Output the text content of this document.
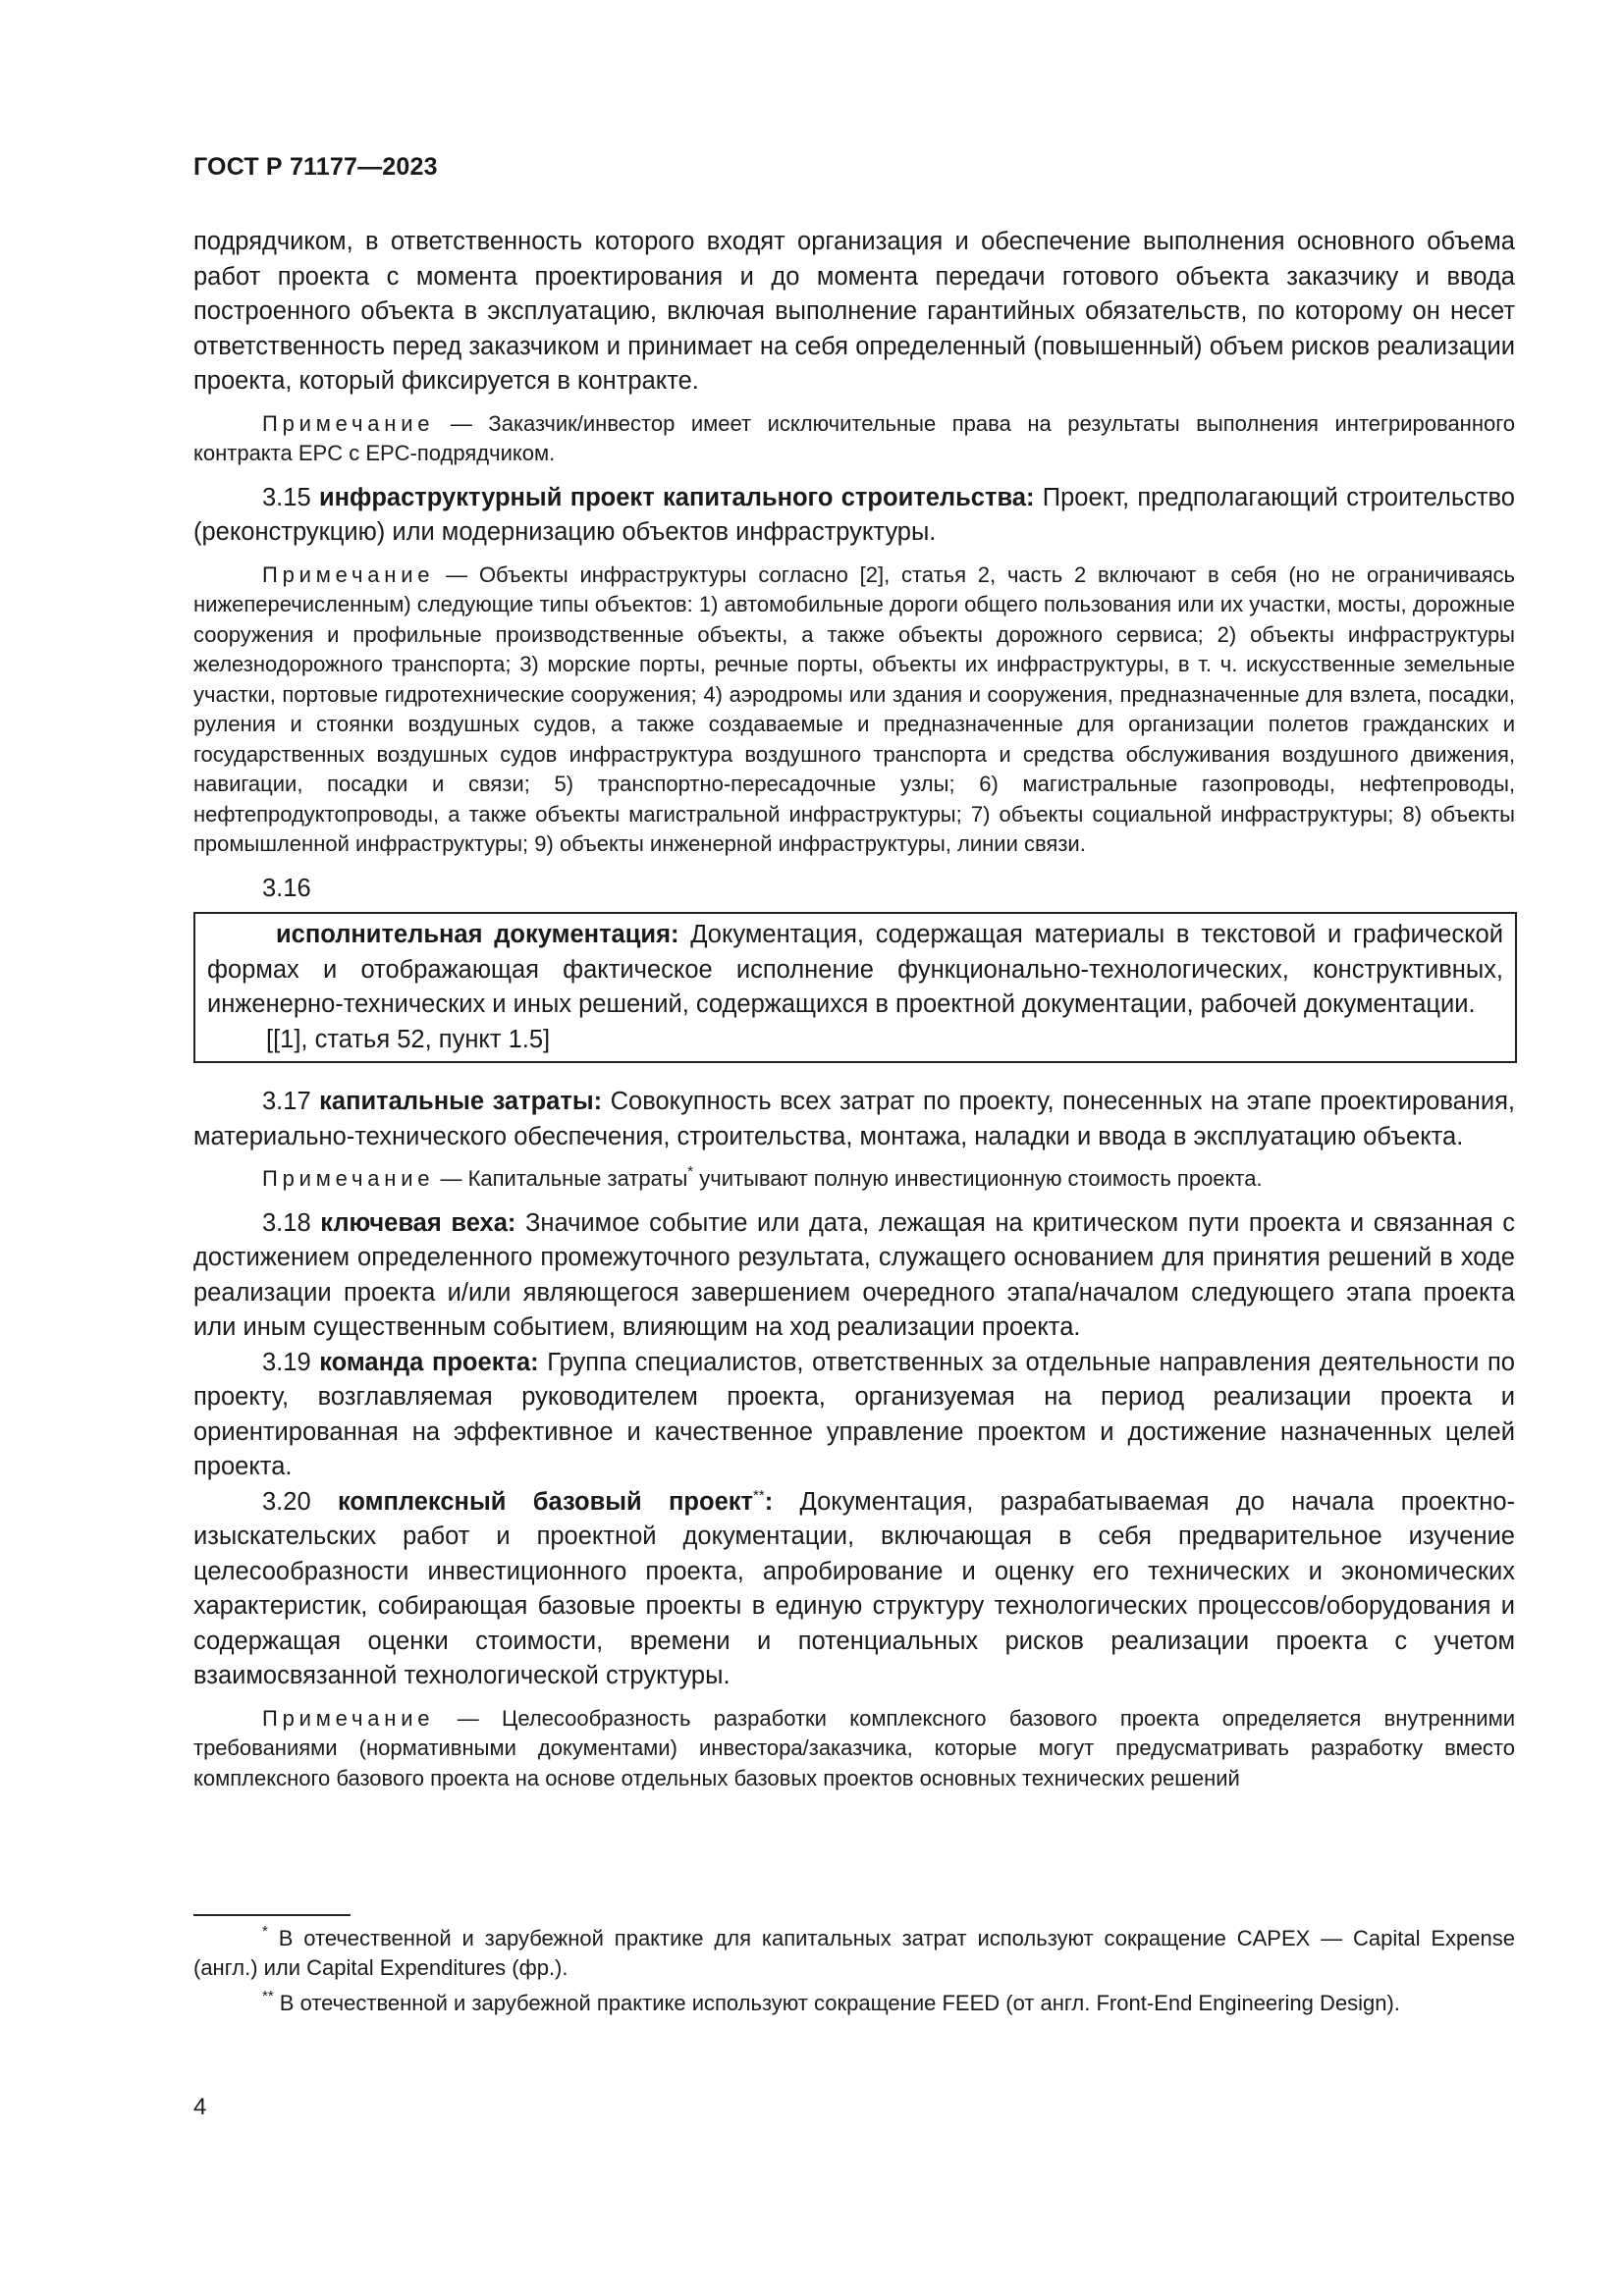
ГОСТ Р 71177—2023

подрядчиком, в ответственность которого входят организация и обеспечение выполнения основного объема работ проекта с момента проектирования и до момента передачи готового объекта заказчику и ввода построенного объекта в эксплуатацию, включая выполнение гарантийных обязательств, по которому он несет ответственность перед заказчиком и принимает на себя определенный (повышенный) объем рисков реализации проекта, который фиксируется в контракте.

Примечание — Заказчик/инвестор имеет исключительные права на результаты выполнения интегрированного контракта EPC с EPC-подрядчиком.

3.15 инфраструктурный проект капитального строительства: Проект, предполагающий строительство (реконструкцию) или модернизацию объектов инфраструктуры.

Примечание — Объекты инфраструктуры согласно [2], статья 2, часть 2 включают в себя (но не ограничиваясь нижеперечисленным) следующие типы объектов: 1) автомобильные дороги общего пользования или их участки, мосты, дорожные сооружения и профильные производственные объекты, а также объекты дорожного сервиса; 2) объекты инфраструктуры железнодорожного транспорта; 3) морские порты, речные порты, объекты их инфраструктуры, в т. ч. искусственные земельные участки, портовые гидротехнические сооружения; 4) аэродромы или здания и сооружения, предназначенные для взлета, посадки, руления и стоянки воздушных судов, а также создаваемые и предназначенные для организации полетов гражданских и государственных воздушных судов инфраструктура воздушного транспорта и средства обслуживания воздушного движения, навигации, посадки и связи; 5) транспортно-пересадочные узлы; 6) магистральные газопроводы, нефтепроводы, нефтепродуктопроводы, а также объекты магистральной инфраструктуры; 7) объекты социальной инфраструктуры; 8) объекты промышленной инфраструктуры; 9) объекты инженерной инфраструктуры, линии связи.

3.16

исполнительная документация: Документация, содержащая материалы в текстовой и графической формах и отображающая фактическое исполнение функционально-технологических, конструктивных, инженерно-технических и иных решений, содержащихся в проектной документации, рабочей документации.

[[1], статья 52, пункт 1.5]

3.17 капитальные затраты: Совокупность всех затрат по проекту, понесенных на этапе проектирования, материально-технического обеспечения, строительства, монтажа, наладки и ввода в эксплуатацию объекта.

Примечание — Капитальные затраты* учитывают полную инвестиционную стоимость проекта.

3.18 ключевая веха: Значимое событие или дата, лежащая на критическом пути проекта и связанная с достижением определенного промежуточного результата, служащего основанием для принятия решений в ходе реализации проекта и/или являющегося завершением очередного этапа/началом следующего этапа проекта или иным существенным событием, влияющим на ход реализации проекта.

3.19 команда проекта: Группа специалистов, ответственных за отдельные направления деятельности по проекту, возглавляемая руководителем проекта, организуемая на период реализации проекта и ориентированная на эффективное и качественное управление проектом и достижение назначенных целей проекта.

3.20 комплексный базовый проект**: Документация, разрабатываемая до начала проектно-изыскательских работ и проектной документации, включающая в себя предварительное изучение целесообразности инвестиционного проекта, апробирование и оценку его технических и экономических характеристик, собирающая базовые проекты в единую структуру технологических процессов/оборудования и содержащая оценки стоимости, времени и потенциальных рисков реализации проекта с учетом взаимосвязанной технологической структуры.

Примечание — Целесообразность разработки комплексного базового проекта определяется внутренними требованиями (нормативными документами) инвестора/заказчика, которые могут предусматривать разработку вместо комплексного базового проекта на основе отдельных базовых проектов основных технических решений

* В отечественной и зарубежной практике для капитальных затрат используют сокращение CAPEX — Capital Expense (англ.) или Capital Expenditures (фр.).

** В отечественной и зарубежной практике используют сокращение FEED (от англ. Front-End Engineering Design).

4
